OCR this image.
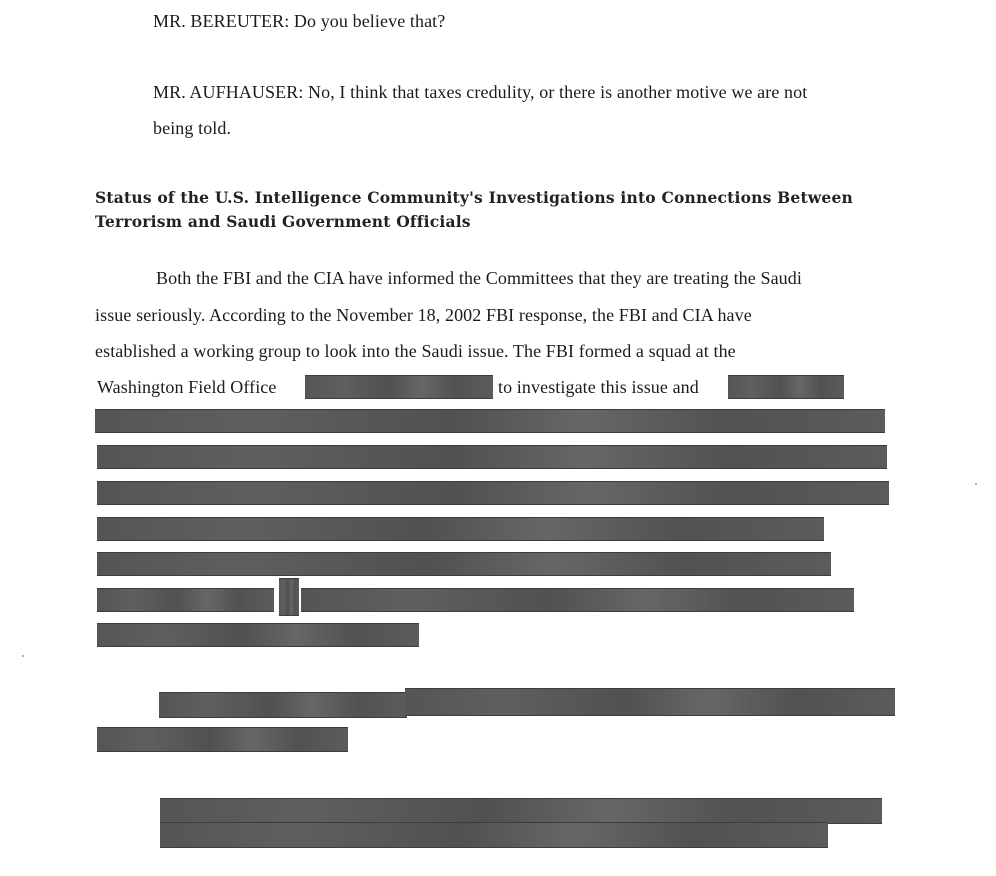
MR. BEREUTER: Do you believe that?
MR. AUFHAUSER: No, I think that taxes credulity, or there is another motive we are not
being told.
Status of the U.S. Intelligence Community's Investigations into Connections Between
Terrorism and Saudi Government Officials
Both the FBI and the CIA have informed the Committees that they are treating the Saudi
issue seriously. According to the November 18, 2002 FBI response, the FBI and CIA have
established a working group to look into the Saudi issue. The FBI formed a squad at the
Washington Field Office	to investigate this issue and
